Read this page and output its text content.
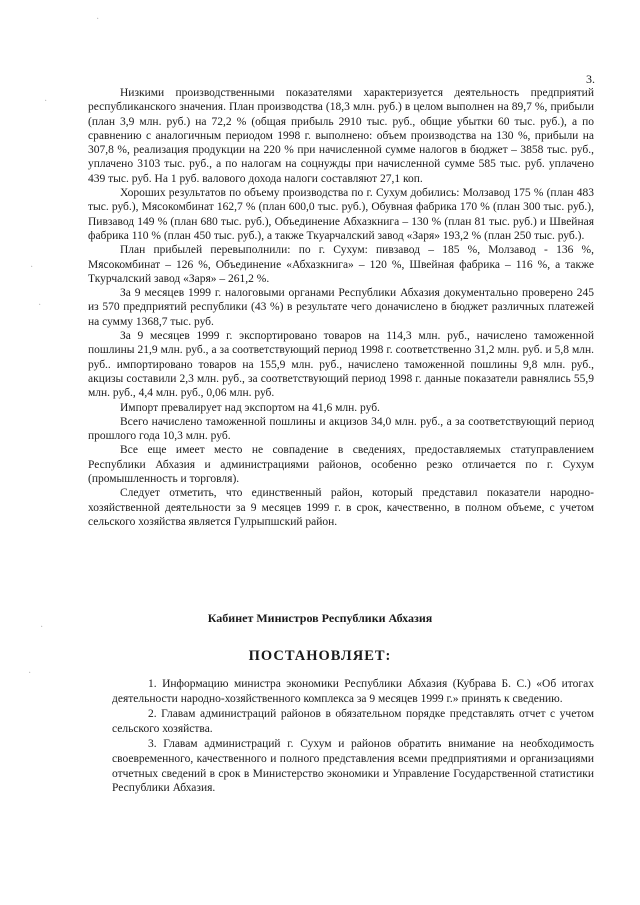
·
·
·
·
·
·
3.

Низкими производственными показателями характеризуется деятельность предприятий республиканского значения. План производства (18,3 млн. руб.) в целом выполнен на 89,7 %, прибыли (план 3,9 млн. руб.) на 72,2 % (общая прибыль 2910 тыс. руб., общие убытки 60 тыс. руб.), а по сравнению с аналогичным периодом 1998 г. выполнено: объем производства на 130 %, прибыли на 307,8 %, реализация продукции на 220 % при начисленной сумме налогов в бюджет – 3858 тыс. руб., уплачено 3103 тыс. руб., а по налогам на соцнужды при начисленной сумме 585 тыс. руб. уплачено 439 тыс. руб. На 1 руб. валового дохода налоги составляют 27,1 коп.

Хороших результатов по объему производства по г. Сухум добились: Молзавод 175 % (план 483 тыс. руб.), Мясокомбинат 162,7 % (план 600,0 тыс. руб.), Обувная фабрика 170 % (план 300 тыс. руб.), Пивзавод 149 % (план 680 тыс. руб.), Объединение Абхазкнига – 130 % (план 81 тыс. руб.) и Швейная фабрика 110 % (план 450 тыс. руб.), а также Ткуарчалский завод «Заря» 193,2 % (план 250 тыс. руб.).

План прибылей перевыполнили: по г. Сухум: пивзавод – 185 %, Молзавод - 136 %, Мясокомбинат – 126 %, Объединение «Абхазкнига» – 120 %, Швейная фабрика – 116 %, а также Ткурчалский завод «Заря» – 261,2 %.

За 9 месяцев 1999 г. налоговыми органами Республики Абхазия документально проверено 245 из 570 предприятий республики (43 %) в результате чего доначислено в бюджет различных платежей на сумму 1368,7 тыс. руб.

За 9 месяцев 1999 г. экспортировано товаров на 114,3 млн. руб., начислено таможенной пошлины 21,9 млн. руб., а за соответствующий период 1998 г. соответственно 31,2 млн. руб. и 5,8 млн. руб.. импортировано товаров на 155,9 млн. руб., начислено таможенной пошлины 9,8 млн. руб., акцизы составили 2,3 млн. руб., за соответствующий период 1998 г. данные показатели равнялись 55,9 млн. руб., 4,4 млн. руб., 0,06 млн. руб.

Импорт превалирует над экспортом на 41,6 млн. руб.

Всего начислено таможенной пошлины и акцизов 34,0 млн. руб., а за соответствующий период прошлого года 10,3 млн. руб.

Все еще имеет место не совпадение в сведениях, предоставляемых статуправлением Республики Абхазия и администрациями районов, особенно резко отличается по г. Сухум (промышленность и торговля).

Следует отметить, что единственный район, который представил показатели народно-хозяйственной деятельности за 9 месяцев 1999 г. в срок, качественно, в полном объеме, с учетом сельского хозяйства является Гулрыпшский район.

Кабинет Министров Республики Абхазия
ПОСТАНОВЛЯЕТ:

1. Информацию министра экономики Республики Абхазия (Кубрава Б. С.) «Об итогах деятельности народно-хозяйственного комплекса за 9 месяцев 1999 г.» принять к сведению.

2. Главам администраций районов в обязательном порядке представлять отчет с учетом сельского хозяйства.

3. Главам администраций г. Сухум и районов обратить внимание на необходимость своевременного, качественного и полного представления всеми предприятиями и организациями отчетных сведений в срок в Министерство экономики и Управление Государственной статистики Республики Абхазия.
